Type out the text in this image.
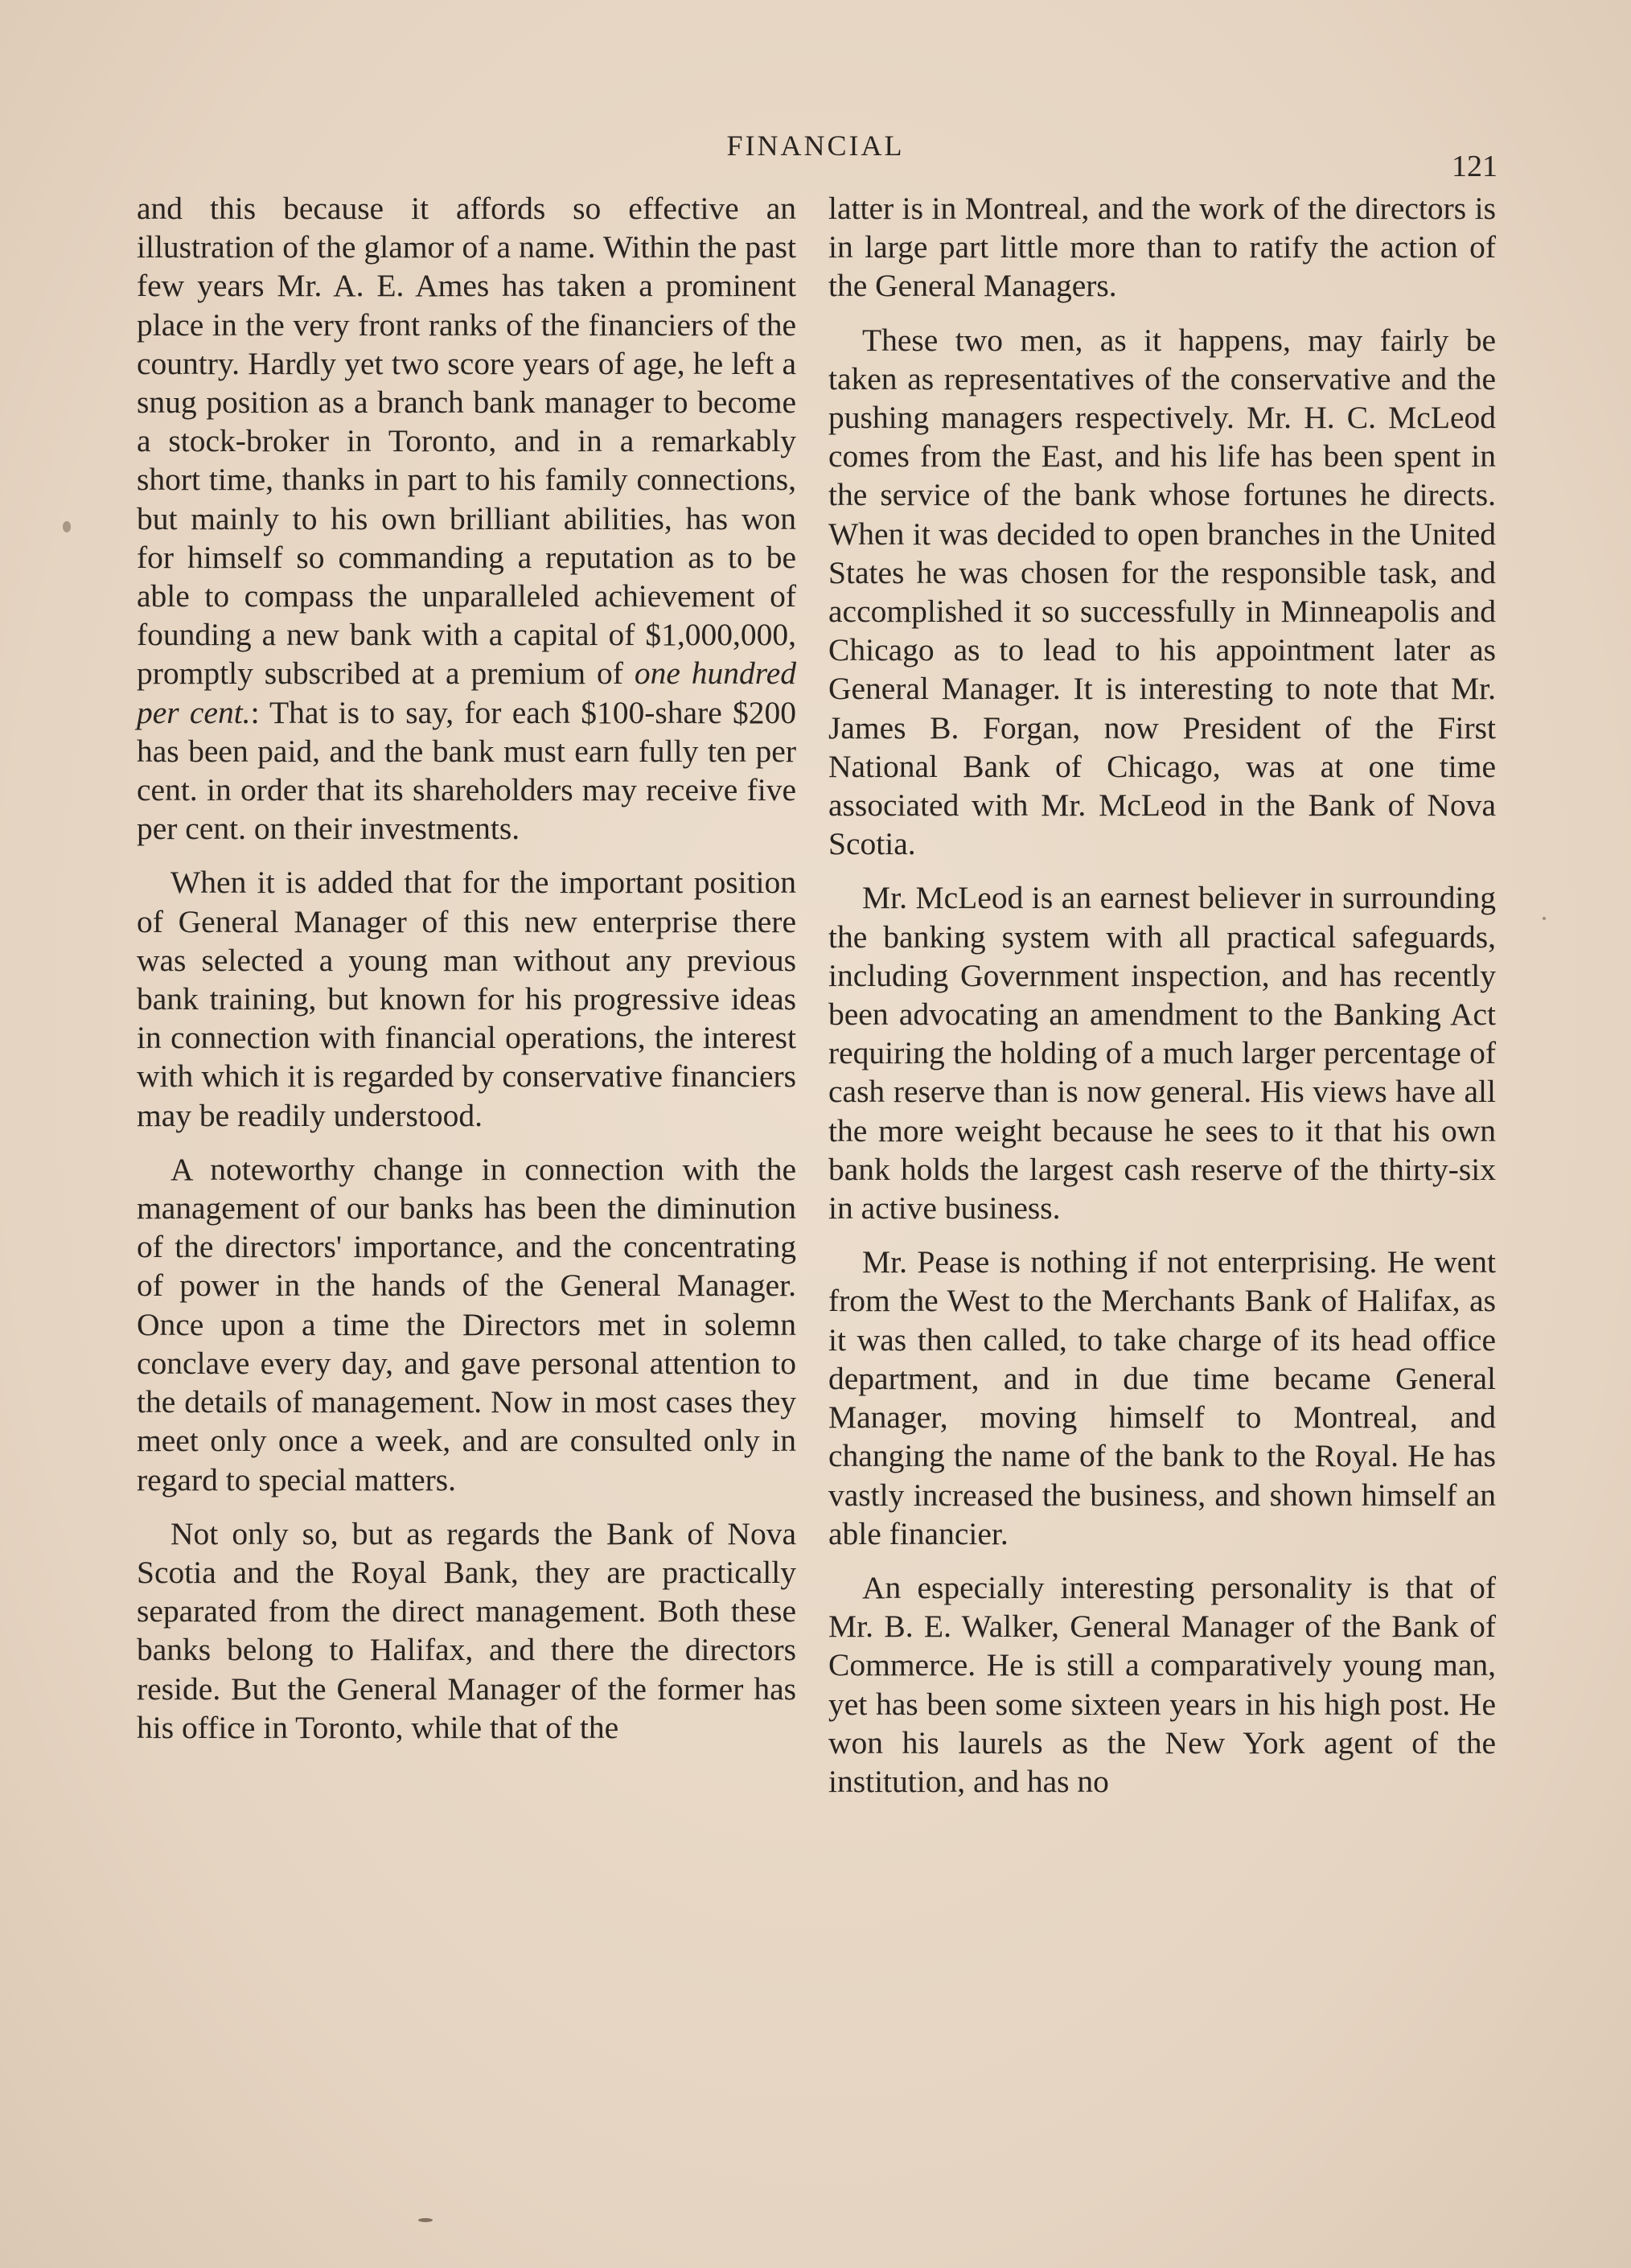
FINANCIAL
121

and this because it affords so effective an illustration of the glamor of a name. Within the past few years Mr. A. E. Ames has taken a prominent place in the very front ranks of the financiers of the country. Hardly yet two score years of age, he left a snug position as a branch bank manager to become a stock-broker in Toronto, and in a remarkably short time, thanks in part to his family connections, but mainly to his own brilliant abilities, has won for himself so commanding a reputation as to be able to compass the unparalleled achievement of founding a new bank with a capital of $1,000,000, promptly subscribed at a premium of one hundred per cent.: That is to say, for each $100-share $200 has been paid, and the bank must earn fully ten per cent. in order that its shareholders may receive five per cent. on their investments.

When it is added that for the important position of General Manager of this new enterprise there was selected a young man without any previous bank training, but known for his progressive ideas in connection with financial operations, the interest with which it is regarded by conservative financiers may be readily understood.

A noteworthy change in connection with the management of our banks has been the diminution of the directors' importance, and the concentrating of power in the hands of the General Manager. Once upon a time the Directors met in solemn conclave every day, and gave personal attention to the details of management. Now in most cases they meet only once a week, and are consulted only in regard to special matters.

Not only so, but as regards the Bank of Nova Scotia and the Royal Bank, they are practically separated from the direct management. Both these banks belong to Halifax, and there the directors reside. But the General Manager of the former has his office in Toronto, while that of the

latter is in Montreal, and the work of the directors is in large part little more than to ratify the action of the General Managers.

These two men, as it happens, may fairly be taken as representatives of the conservative and the pushing managers respectively. Mr. H. C. McLeod comes from the East, and his life has been spent in the service of the bank whose fortunes he directs. When it was decided to open branches in the United States he was chosen for the responsible task, and accomplished it so successfully in Minneapolis and Chicago as to lead to his appointment later as General Manager. It is interesting to note that Mr. James B. Forgan, now President of the First National Bank of Chicago, was at one time associated with Mr. McLeod in the Bank of Nova Scotia.

Mr. McLeod is an earnest believer in surrounding the banking system with all practical safeguards, including Government inspection, and has recently been advocating an amendment to the Banking Act requiring the holding of a much larger percentage of cash reserve than is now general. His views have all the more weight because he sees to it that his own bank holds the largest cash reserve of the thirty-six in active business.

Mr. Pease is nothing if not enterprising. He went from the West to the Merchants Bank of Halifax, as it was then called, to take charge of its head office department, and in due time became General Manager, moving himself to Montreal, and changing the name of the bank to the Royal. He has vastly increased the business, and shown himself an able financier.

An especially interesting personality is that of Mr. B. E. Walker, General Manager of the Bank of Commerce. He is still a comparatively young man, yet has been some sixteen years in his high post. He won his laurels as the New York agent of the institution, and has no
